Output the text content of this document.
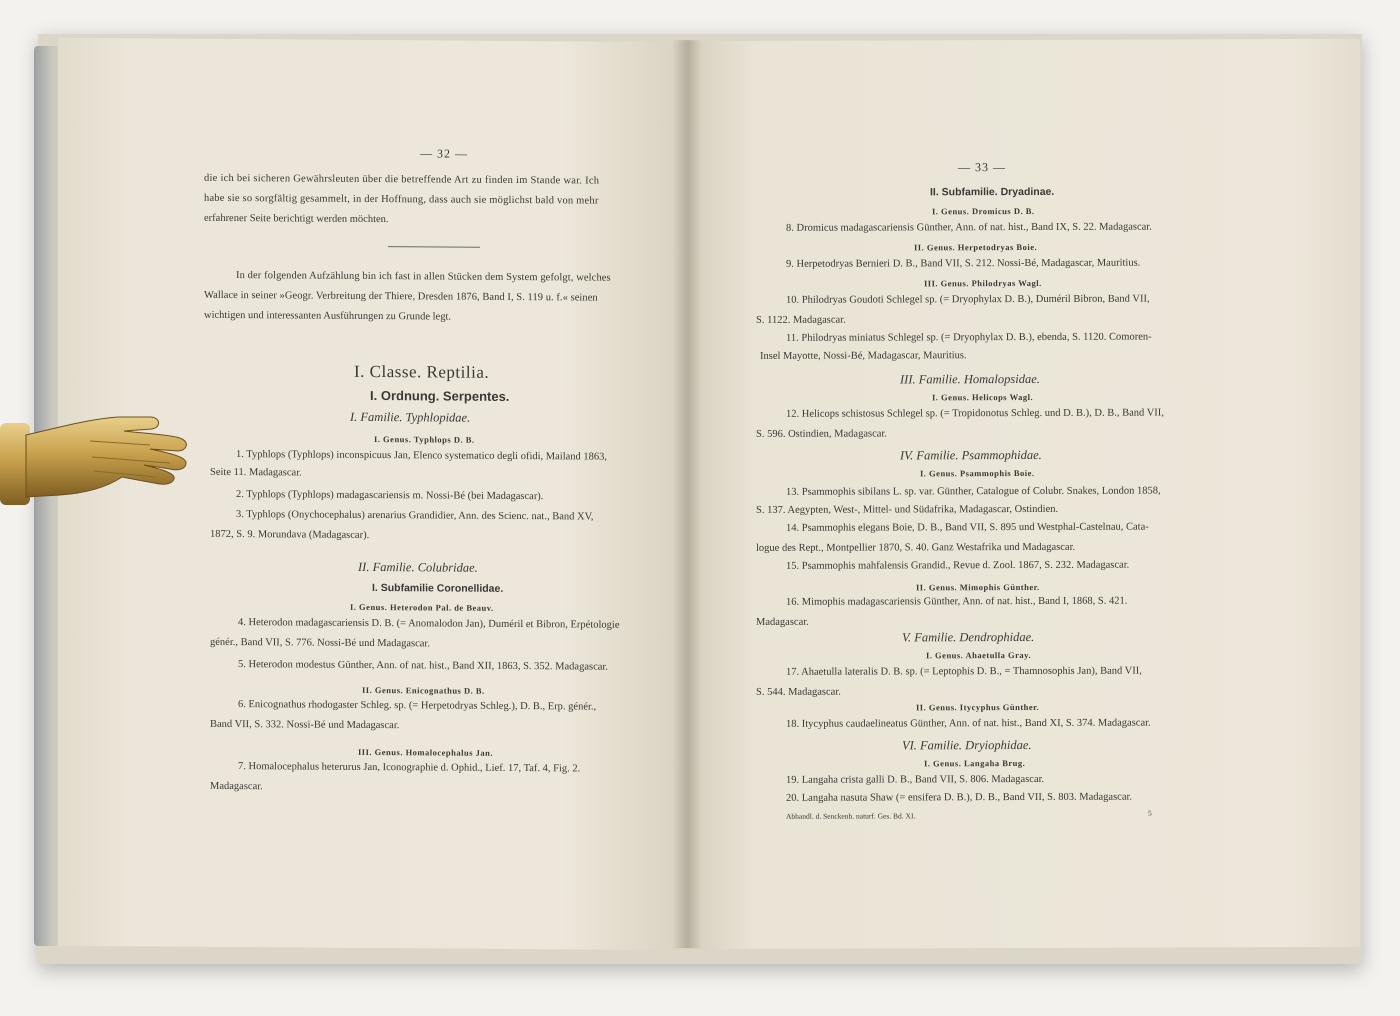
— 32 —
die ich bei sicheren Gewährsleuten über die betreffende Art zu finden im Stande war. Ich
habe sie so sorgfältig gesammelt, in der Hoffnung, dass auch sie möglichst bald von mehr
erfahrener Seite berichtigt werden möchten.
In der folgenden Aufzählung bin ich fast in allen Stücken dem System gefolgt, welches
Wallace in seiner »Geogr. Verbreitung der Thiere, Dresden 1876, Band I, S. 119 u. f.« seinen
wichtigen und interessanten Ausführungen zu Grunde legt.
I. Classe. Reptilia.
I. Ordnung. Serpentes.
I. Familie. Typhlopidae.
I. Genus. Typhlops D. B.
1. Typhlops (Typhlops) inconspicuus Jan, Elenco systematico degli ofidi, Mailand 1863,
Seite 11. Madagascar.
2. Typhlops (Typhlops) madagascariensis m. Nossi-Bé (bei Madagascar).
3. Typhlops (Onychocephalus) arenarius Grandidier, Ann. des Scienc. nat., Band XV,
1872, S. 9. Morundava (Madagascar).
II. Familie. Colubridae.
I. Subfamilie Coronellidae.
I. Genus. Heterodon Pal. de Beauv.
4. Heterodon madagascariensis D. B. (= Anomalodon Jan), Duméril et Bibron, Erpétologie
génér., Band VII, S. 776. Nossi-Bé und Madagascar.
5. Heterodon modestus Günther, Ann. of nat. hist., Band XII, 1863, S. 352. Madagascar.
II. Genus. Enicognathus D. B.
6. Enicognathus rhodogaster Schleg. sp. (= Herpetodryas Schleg.), D. B., Erp. génér.,
Band VII, S. 332. Nossi-Bé und Madagascar.
III. Genus. Homalocephalus Jan.
7. Homalocephalus heterurus Jan, Iconographie d. Ophid., Lief. 17, Taf. 4, Fig. 2.
Madagascar.
— 33 —
II. Subfamilie. Dryadinae.
I. Genus. Dromicus D. B.
8. Dromicus madagascariensis Günther, Ann. of nat. hist., Band IX, S. 22. Madagascar.
II. Genus. Herpetodryas Boie.
9. Herpetodryas Bernieri D. B., Band VII, S. 212. Nossi-Bé, Madagascar, Mauritius.
III. Genus. Philodryas Wagl.
10. Philodryas Goudoti Schlegel sp. (= Dryophylax D. B.), Duméril Bibron, Band VII,
S. 1122. Madagascar.
11. Philodryas miniatus Schlegel sp. (= Dryophylax D. B.), ebenda, S. 1120. Comoren-
Insel Mayotte, Nossi-Bé, Madagascar, Mauritius.
III. Familie. Homalopsidae.
I. Genus. Helicops Wagl.
12. Helicops schistosus Schlegel sp. (= Tropidonotus Schleg. und D. B.), D. B., Band VII,
S. 596. Ostindien, Madagascar.
IV. Familie. Psammophidae.
I. Genus. Psammophis Boie.
13. Psammophis sibilans L. sp. var. Günther, Catalogue of Colubr. Snakes, London 1858,
S. 137. Aegypten, West-, Mittel- und Südafrika, Madagascar, Ostindien.
14. Psammophis elegans Boie, D. B., Band VII, S. 895 und Westphal-Castelnau, Cata-
logue des Rept., Montpellier 1870, S. 40. Ganz Westafrika und Madagascar.
15. Psammophis mahfalensis Grandid., Revue d. Zool. 1867, S. 232. Madagascar.
II. Genus. Mimophis Günther.
16. Mimophis madagascariensis Günther, Ann. of nat. hist., Band I, 1868, S. 421.
Madagascar.
V. Familie. Dendrophidae.
I. Genus. Ahaetulla Gray.
17. Ahaetulla lateralis D. B. sp. (= Leptophis D. B., = Thamnosophis Jan), Band VII,
S. 544. Madagascar.
II. Genus. Itycyphus Günther.
18. Itycyphus caudaelineatus Günther, Ann. of nat. hist., Band XI, S. 374. Madagascar.
VI. Familie. Dryiophidae.
I. Genus. Langaha Brug.
19. Langaha crista galli D. B., Band VII, S. 806. Madagascar.
20. Langaha nasuta Shaw (= ensifera D. B.), D. B., Band VII, S. 803. Madagascar.
Abhandl. d. Senckenb. naturf. Ges. Bd. XI.	5
